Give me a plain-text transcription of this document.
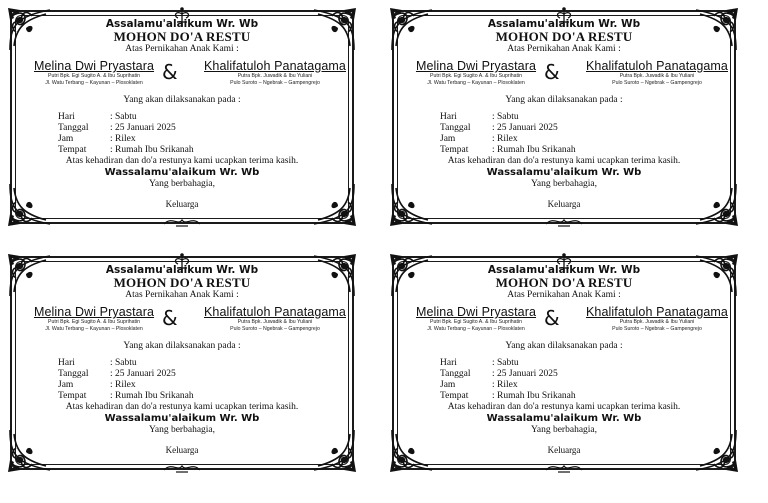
Assalamu'alaikum Wr. Wb
MOHON DO'A RESTU
Atas Pernikahan Anak Kami :
Melina Dwi Pryastara
Putri Bpk. Egi Sugito A. & Ibu Suprihatin
Jl. Watu Terbang – Kayunan – Plosoklaten &	Khalifatuloh Panatagama
Putra Bpk. Juwadik & Ibu Yuliani
Pulo Suroto – Ngebrak – Gampengrejo
Yang akan dilaksanakan pada :
Hari	: Sabtu
Tanggal : 25 Januari 2025
Jam	: Rilex
Tempat : Rumah Ibu Srikanah
Atas kehadiran dan do'a restunya kami ucapkan terima kasih.
Wassalamu'alaikum Wr. Wb
Yang berbahagia,
Keluarga
Assalamu'alaikum Wr. Wb
MOHON DO'A RESTU
Atas Pernikahan Anak Kami :
Melina Dwi Pryastara
Putri Bpk. Egi Sugito A. & Ibu Suprihatin
Jl. Watu Terbang – Kayunan – Plosoklaten &	Khalifatuloh Panatagama
Putra Bpk. Juwadik & Ibu Yuliani
Pulo Suroto – Ngebrak – Gampengrejo
Yang akan dilaksanakan pada :
Hari	: Sabtu
Tanggal : 25 Januari 2025
Jam	: Rilex
Tempat : Rumah Ibu Srikanah
Atas kehadiran dan do'a restunya kami ucapkan terima kasih.
Wassalamu'alaikum Wr. Wb
Yang berbahagia,
Keluarga
Assalamu'alaikum Wr. Wb
MOHON DO'A RESTU
Atas Pernikahan Anak Kami :
Melina Dwi Pryastara
Putri Bpk. Egi Sugito A. & Ibu Suprihatin
Jl. Watu Terbang – Kayunan – Plosoklaten &	Khalifatuloh Panatagama
Putra Bpk. Juwadik & Ibu Yuliani
Pulo Suroto – Ngebrak – Gampengrejo
Yang akan dilaksanakan pada :
Hari	: Sabtu
Tanggal : 25 Januari 2025
Jam	: Rilex
Tempat : Rumah Ibu Srikanah
Atas kehadiran dan do'a restunya kami ucapkan terima kasih.
Wassalamu'alaikum Wr. Wb
Yang berbahagia,
Keluarga
Assalamu'alaikum Wr. Wb
MOHON DO'A RESTU
Atas Pernikahan Anak Kami :
Melina Dwi Pryastara
Putri Bpk. Egi Sugito A. & Ibu Suprihatin
Jl. Watu Terbang – Kayunan – Plosoklaten &	Khalifatuloh Panatagama
Putra Bpk. Juwadik & Ibu Yuliani
Pulo Suroto – Ngebrak – Gampengrejo
Yang akan dilaksanakan pada :
Hari	: Sabtu
Tanggal : 25 Januari 2025
Jam	: Rilex
Tempat : Rumah Ibu Srikanah
Atas kehadiran dan do'a restunya kami ucapkan terima kasih.
Wassalamu'alaikum Wr. Wb
Yang berbahagia,
Keluarga
